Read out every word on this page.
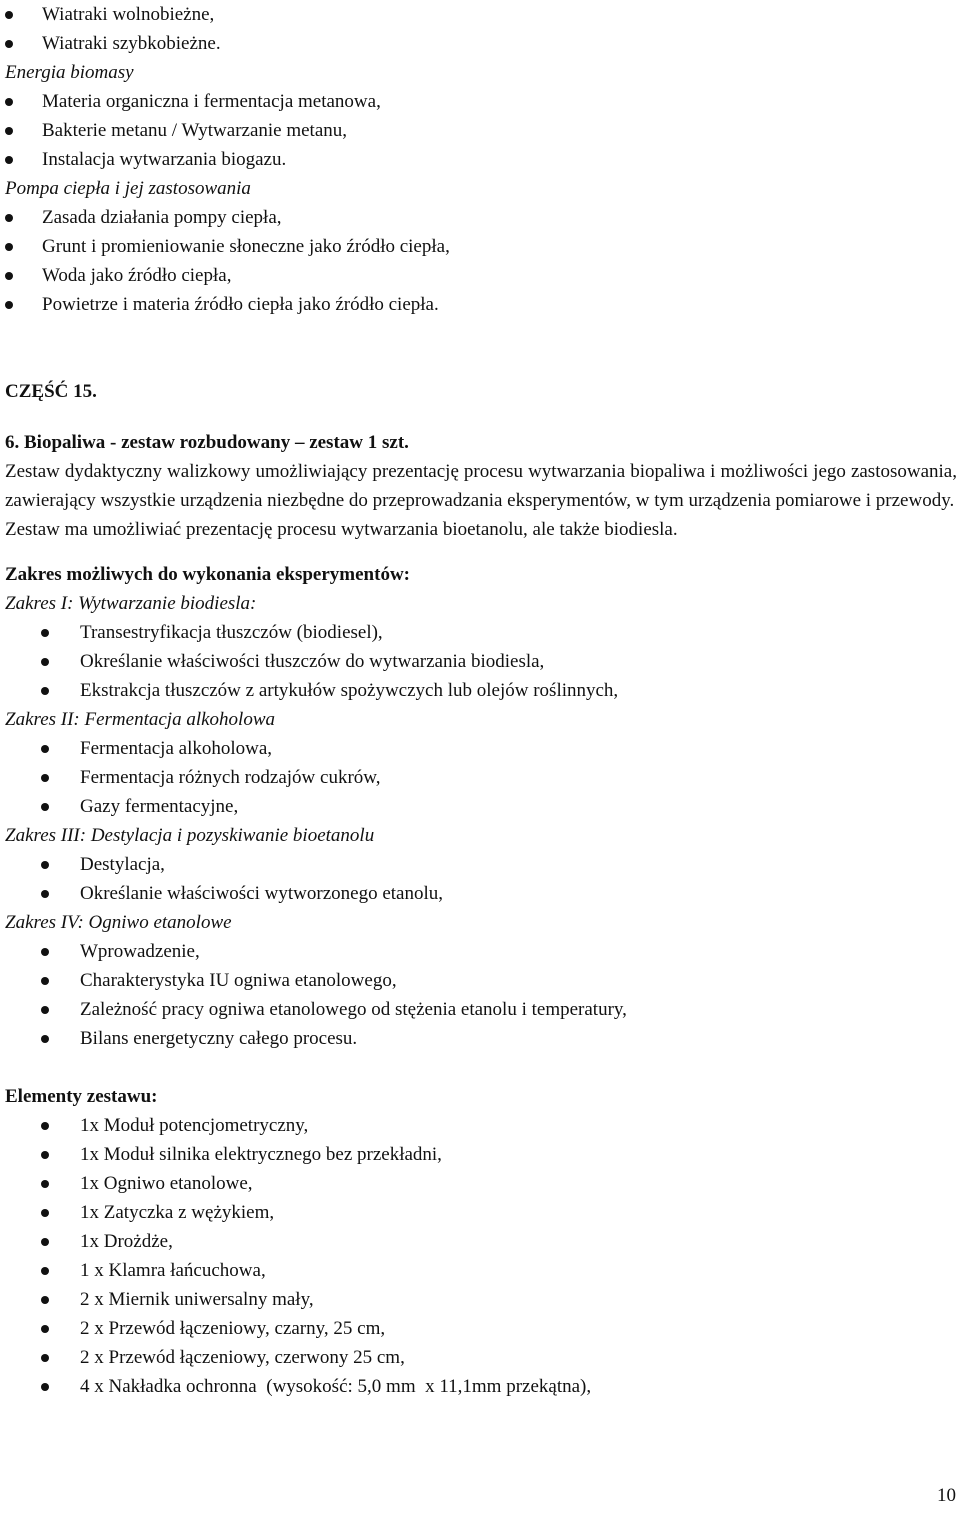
Wiatraki wolnobieżne,
Wiatraki szybkobieżne.
Energia biomasy
Materia organiczna i fermentacja metanowa,
Bakterie metanu / Wytwarzanie metanu,
Instalacja wytwarzania biogazu.
Pompa ciepła i jej zastosowania
Zasada działania pompy ciepła,
Grunt i promieniowanie słoneczne jako źródło ciepła,
Woda jako źródło ciepła,
Powietrze i materia źródło ciepła jako źródło ciepła.
CZĘŚĆ 15.
6. Biopaliwa - zestaw rozbudowany – zestaw 1 szt.
Zestaw dydaktyczny walizkowy umożliwiający prezentację procesu wytwarzania biopaliwa i możliwości jego zastosowania, zawierający wszystkie urządzenia niezbędne do przeprowadzania eksperymentów, w tym urządzenia pomiarowe i przewody.
Zestaw ma umożliwiać prezentację procesu wytwarzania bioetanolu, ale także biodiesla.
Zakres możliwych do wykonania eksperymentów:
Zakres I: Wytwarzanie biodiesla:
Transestryfikacja tłuszczów (biodiesel),
Określanie właściwości tłuszczów do wytwarzania biodiesla,
Ekstrakcja tłuszczów z artykułów spożywczych lub olejów roślinnych,
Zakres II: Fermentacja alkoholowa
Fermentacja alkoholowa,
Fermentacja różnych rodzajów cukrów,
Gazy fermentacyjne,
Zakres III: Destylacja i pozyskiwanie bioetanolu
Destylacja,
Określanie właściwości wytworzonego etanolu,
Zakres IV: Ogniwo etanolowe
Wprowadzenie,
Charakterystyka IU ogniwa etanolowego,
Zależność pracy ogniwa etanolowego od stężenia etanolu i temperatury,
Bilans energetyczny całego procesu.
Elementy zestawu:
1x Moduł potencjometryczny,
1x Moduł silnika elektrycznego bez przekładni,
1x Ogniwo etanolowe,
1x Zatyczka z wężykiem,
1x Drożdże,
1 x Klamra łańcuchowa,
2 x Miernik uniwersalny mały,
2 x Przewód łączeniowy, czarny, 25 cm,
2 x Przewód łączeniowy, czerwony 25 cm,
4 x Nakładka ochronna  (wysokość: 5,0 mm  x 11,1mm przekątna),
10
